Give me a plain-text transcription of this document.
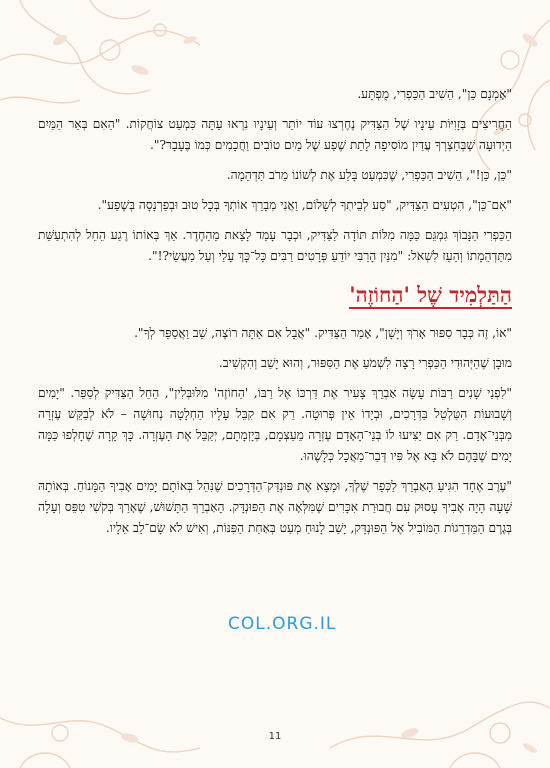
"אָמְנָם כֵּן", הֵשִׁיב הַכַּפְרִי, מֻפְתָּע.

הַחֲרִיצִים בְּזָוִיּוֹת עֵינָיו שֶׁל הַצַּדִּיק נֶחֶרְצוּ עוֹד יוֹתֵר וְעֵינָיו נִרְאוּ עַתָּה כִּמְעַט צוֹחֲקוֹת. "הַאִם בְּאֵר הַמַּיִם הַיְדוּעָה שֶׁבְּחַצְרְךָ עֲדַיִן מוֹסִיפָה לָתֵת שֶׁפַע שֶׁל מַיִם טוֹבִים וַחֲכָמִים כְּמוֹ בֶּעָבָר?".

"כֵּן, כֵּן!", הֵשִׁיב הַכַּפְרִי, שֶׁכִּמְעַט בָּלַע אֶת לְשׁוֹנוֹ מֵרֹב תַּדְהֵמָה.

"אִם־כֵּן", הִטְעִים הַצַּדִּיק, "סַע לְבֵיתְךָ לְשָׁלוֹם, וַאֲנִי מְבָרֵךְ אוֹתְךָ בְּכָל טוּב וּבְפַרְנָסָה בְּשֶׁפַע".

הַכַּפְרִי הַנָּבוֹךְ גִּמְגֵּם כַּמָּה מִלּוֹת תּוֹדָה לַצַּדִּיק, וּכְבָר עָמַד לָצֵאת מֵהַחֶדֶר. אַךְ בְּאוֹתוֹ רֶגַע הֵחֵל לְהִתְעַשֵּׁת מִתַּדְהֵמָתוֹ וְהֵעֵז לִשְׁאֹל: "מִנַּיִן הָרַבִּי יוֹדֵעַ פְּרָטִים רַבִּים כָּל־כָּךְ עָלַי וְעַל מַעֲשַׂי?!".

הַתַּלְמִיד שֶׁל 'הַחוֹזֶה'

"אוֹ, זֶה כְּבָר סִפּוּר אָרֹךְ וְיָשָׁן", אָמַר הַצַּדִּיק. "אֲבָל אִם אַתָּה רוֹצֶה, שֵׁב וַאֲסַפֵּר לְךָ".

מוּבָן שֶׁהַיְּהוּדִי הַכַּפְרִי רָצָה לִשְׁמֹעַ אֶת הַסִּפּוּר, וְהוּא יָשַׁב וְהִקְשִׁיב.

"לִפְנֵי שָׁנִים רַבּוֹת עָשָׂה אַבְרֵךְ צָעִיר אֶת דַּרְכּוֹ אֶל רַבּוֹ, 'הַחוֹזֶה' מִלּוּבְּלִין", הֵחֵל הַצַּדִּיק לְסַפֵּר. "יָמִים וְשָׁבוּעוֹת הִטַּלְטֵל בַּדְּרָכִים, וּבְיָדוֹ אֵין פְּרוּטָה. רַק אִם קִבֵּל עָלָיו הַחְלָטָה נְחוּשָׁה – לֹא לְבַקֵּשׁ עֶזְרָה מִבְּנֵי־אָדָם. רַק אִם יַצִּיעוּ לוֹ בְּנֵי־הָאָדָם עֶזְרָה מֵעַצְמָם, בְּיָזְמָתָם, יְקַבֵּל אֶת הָעֶזְרָה. כָּךְ קָרָה שֶׁחָלְפוּ כַּמָּה יָמִים שֶׁבָּהֶם לֹא בָּא אֶל פִּיו דְּבַר־מַאֲכָל כְּלָשֶׁהוּ.

"עֶרֶב אֶחָד הִגִּיעַ הָאַבְרֵךְ לַכְּפָר שֶׁלְּךָ, וּמָצָא אֶת פּוּנְדַּק־הַדְּרָכִים שֶׁנִּהֵל בְּאוֹתָם יָמִים אָבִיךָ הַמָּנוֹחַ. בְּאוֹתָהּ שָׁעָה הָיָה אָבִיךָ עָסוּק עִם חֲבוּרַת אִכָּרִים שֶׁמִּלְּאָה אֶת הַפּוּנְדָּק. הָאַבְרֵךְ הַתָּשׁוּשׁ, שֶׁאָרַךְ בְּקֹשִׁי טִפֵּס וְעָלָה בְּגֶרֶם הַמַּדְרֵגוֹת הַמּוֹבִיל אֶל הַפּוּנְדָּק, יָשַׁב לָנוּחַ מְעַט בְּאַחַת הַפִּנּוֹת, וְאִישׁ לֹא שָׂם־לֵב אֵלָיו.

COL.ORG.IL
11
